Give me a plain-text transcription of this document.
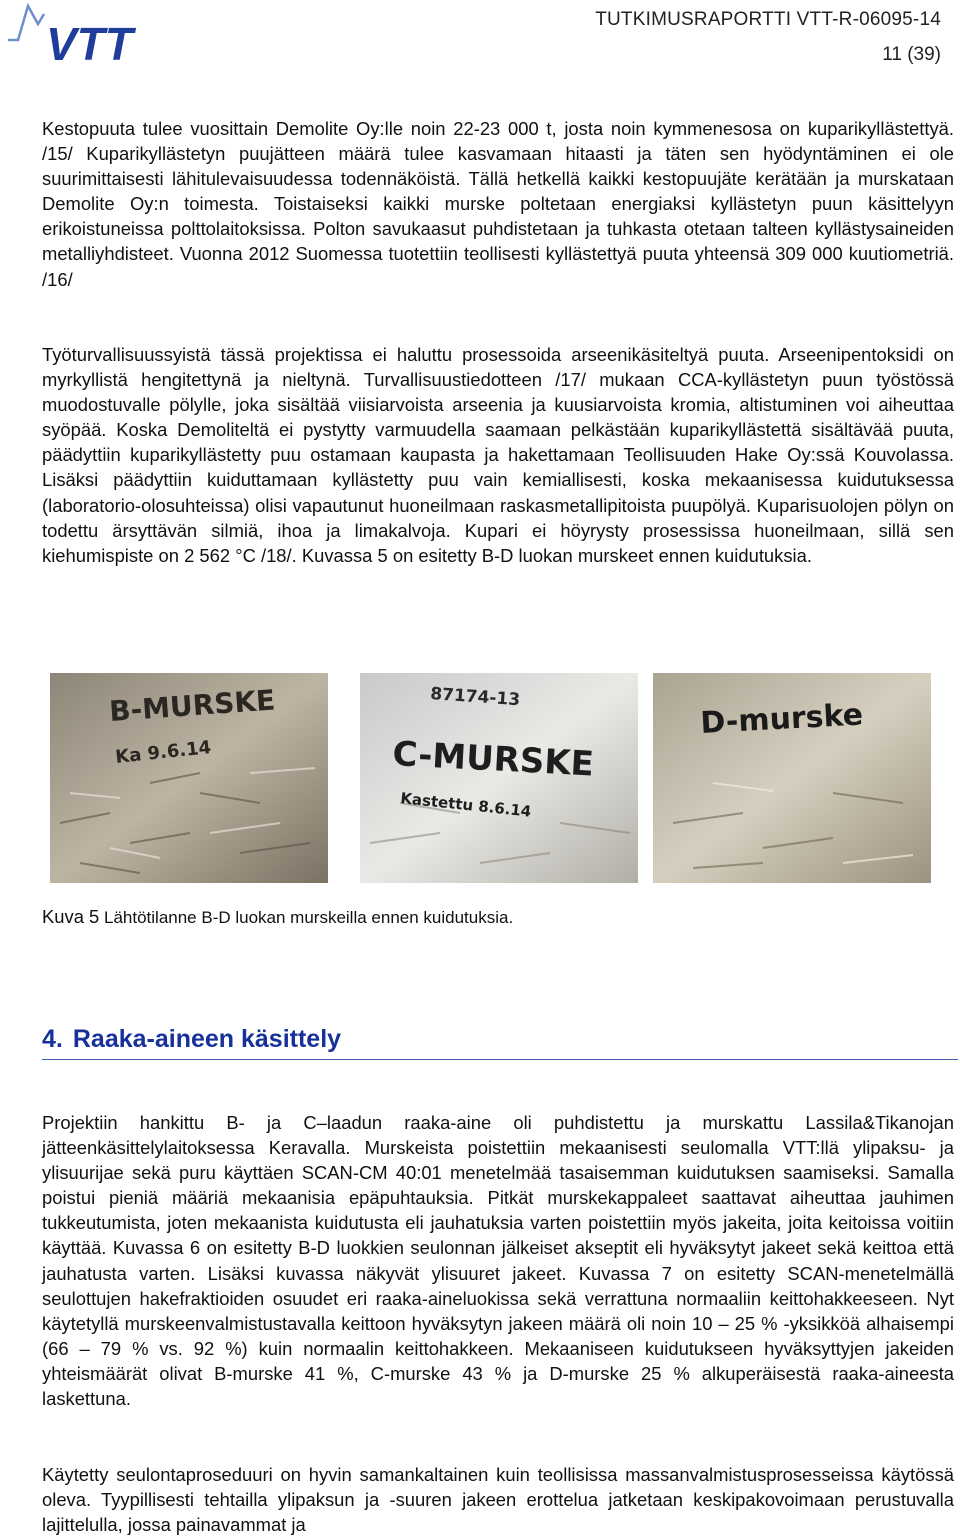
VTT	TUTKIMUSRAPORTTI VTT-R-06095-14
11 (39)

Kestopuuta tulee vuosittain Demolite Oy:lle noin 22-23 000 t, josta noin kymmenesosa on kuparikyllästettyä. /15/ Kuparikyllästetyn puujätteen määrä tulee kasvamaan hitaasti ja täten sen hyödyntäminen ei ole suurimittaisesti lähitulevaisuudessa todennäköistä. Tällä hetkellä kaikki kestopuujäte kerätään ja murskataan Demolite Oy:n toimesta. Toistaiseksi kaikki murske poltetaan energiaksi kyllästetyn puun käsittelyyn erikoistuneissa polttolaitoksissa. Polton savukaasut puhdistetaan ja tuhkasta otetaan talteen kyllästysaineiden metalliyhdisteet. Vuonna 2012 Suomessa tuotettiin teollisesti kyllästettyä puuta yhteensä 309 000 kuutiometriä. /16/

Työturvallisuussyistä tässä projektissa ei haluttu prosessoida arseenikäsiteltyä puuta. Arseenipentoksidi on myrkyllistä hengitettynä ja nieltynä. Turvallisuustiedotteen /17/ mukaan CCA-kyllästetyn puun työstössä muodostuvalle pölylle, joka sisältää viisiarvoista arseenia ja kuusiarvoista kromia, altistuminen voi aiheuttaa syöpää. Koska Demoliteltä ei pystytty varmuudella saamaan pelkästään kuparikyllästettä sisältävää puuta, päädyttiin kuparikyllästetty puu ostamaan kaupasta ja hakettamaan Teollisuuden Hake Oy:ssä Kouvolassa. Lisäksi päädyttiin kuiduttamaan kyllästetty puu vain kemiallisesti, koska mekaanisessa kuidutuksessa (laboratorio-olosuhteissa) olisi vapautunut huoneilmaan raskasmetallipitoista puupölyä. Kuparisuolojen pölyn on todettu ärsyttävän silmiä, ihoa ja limakalvoja. Kupari ei höyrysty prosessissa huoneilmaan, sillä sen kiehumispiste on 2 562 °C /18/. Kuvassa 5 on esitetty B-D luokan murskeet ennen kuidutuksia.

B-MURSKE
Ka 9.6.14
87174-13
C-MURSKE
Kastettu 8.6.14
D-murske
Kuva 5 Lähtötilanne B-D luokan murskeilla ennen kuidutuksia.
4. Raaka-aineen käsittely

Projektiin hankittu B- ja C–laadun raaka-aine oli puhdistettu ja murskattu Lassila&Tikanojan jätteenkäsittelylaitoksessa Keravalla. Murskeista poistettiin mekaanisesti seulomalla VTT:llä ylipaksu- ja ylisuurijae sekä puru käyttäen SCAN-CM 40:01 menetelmää tasaisemman kuidutuksen saamiseksi. Samalla poistui pieniä määriä mekaanisia epäpuhtauksia. Pitkät murskekappaleet saattavat aiheuttaa jauhimen tukkeutumista, joten mekaanista kuidutusta eli jauhatuksia varten poistettiin myös jakeita, joita keitoissa voitiin käyttää. Kuvassa 6 on esitetty B-D luokkien seulonnan jälkeiset akseptit eli hyväksytyt jakeet sekä keittoa että jauhatusta varten. Lisäksi kuvassa näkyvät ylisuuret jakeet. Kuvassa 7 on esitetty SCAN-menetelmällä seulottujen hakefraktioiden osuudet eri raaka-aineluokissa sekä verrattuna normaaliin keittohakkeeseen. Nyt käytetyllä murskeenvalmistustavalla keittoon hyväksytyn jakeen määrä oli noin 10 – 25 % -yksikköä alhaisempi (66 – 79 % vs. 92 %) kuin normaalin keittohakkeen. Mekaaniseen kuidutukseen hyväksyttyjen jakeiden yhteismäärät olivat B-murske 41 %, C-murske 43 % ja D-murske 25 % alkuperäisestä raaka-aineesta laskettuna.

Käytetty seulontaproseduuri on hyvin samankaltainen kuin teollisissa massanvalmistusprosesseissa käytössä oleva. Tyypillisesti tehtailla ylipaksun ja -suuren jakeen erottelua jatketaan keskipakovoimaan perustuvalla lajittelulla, jossa painavammat ja
